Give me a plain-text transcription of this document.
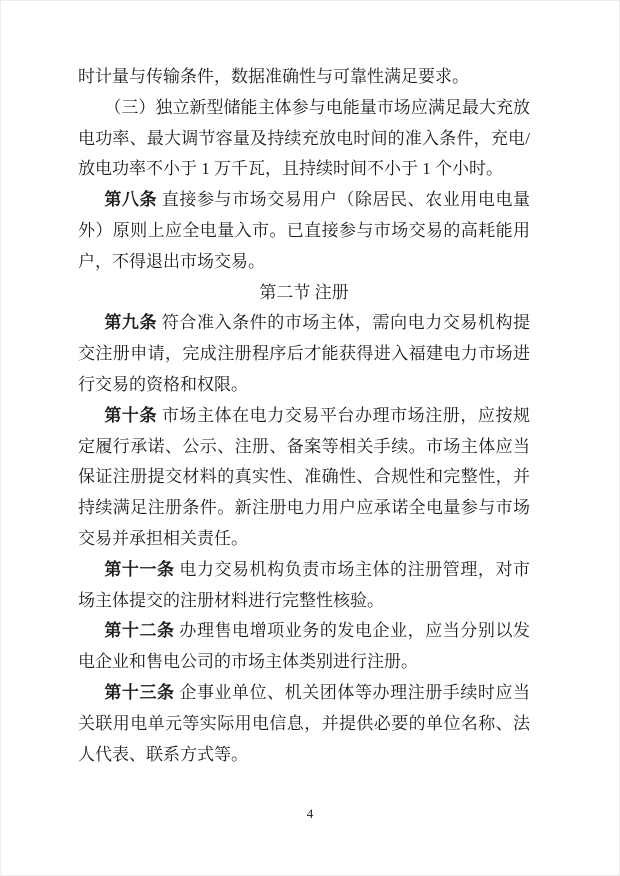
时计量与传输条件，数据准确性与可靠性满足要求。

（三）独立新型储能主体参与电能量市场应满足最大充放电功率、最大调节容量及持续充放电时间的准入条件，充电/放电功率不小于 1 万千瓦，且持续时间不小于 1 个小时。

第八条 直接参与市场交易用户（除居民、农业用电电量外）原则上应全电量入市。已直接参与市场交易的高耗能用户，不得退出市场交易。

第二节 注册

第九条 符合准入条件的市场主体，需向电力交易机构提交注册申请，完成注册程序后才能获得进入福建电力市场进行交易的资格和权限。

第十条 市场主体在电力交易平台办理市场注册，应按规定履行承诺、公示、注册、备案等相关手续。市场主体应当保证注册提交材料的真实性、准确性、合规性和完整性，并持续满足注册条件。新注册电力用户应承诺全电量参与市场交易并承担相关责任。

第十一条 电力交易机构负责市场主体的注册管理，对市场主体提交的注册材料进行完整性核验。

第十二条 办理售电增项业务的发电企业，应当分别以发电企业和售电公司的市场主体类别进行注册。

第十三条 企事业单位、机关团体等办理注册手续时应当关联用电单元等实际用电信息，并提供必要的单位名称、法人代表、联系方式等。

4
